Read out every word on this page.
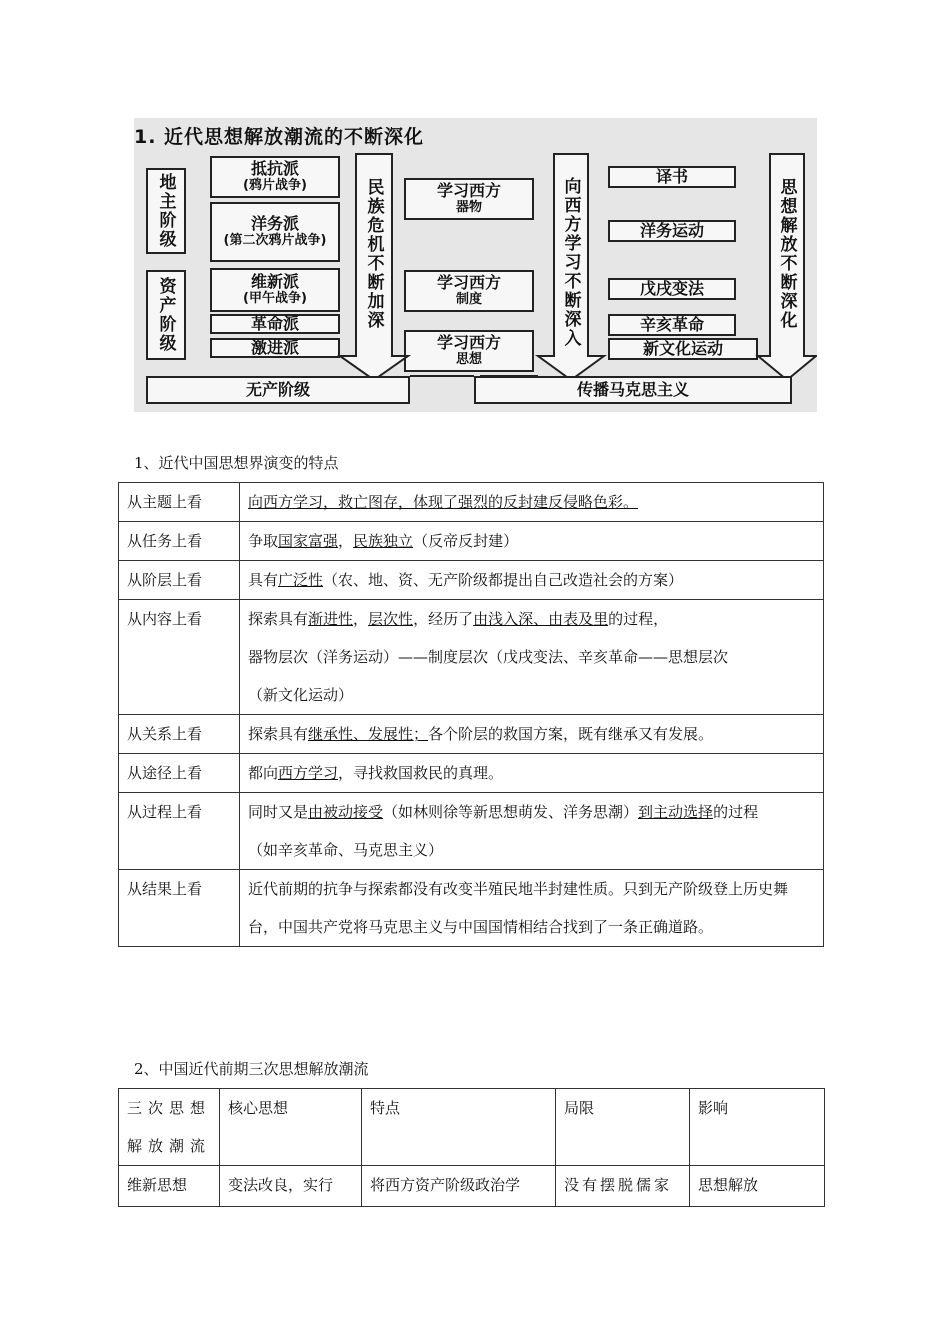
1. 近代思想解放潮流的不断深化
地主阶级
资产阶级
抵抗派
(鸦片战争)
洋务派
(第二次鸦片战争)
维新派
(甲午战争)
革命派
激进派
学习西方
器物
学习西方
制度
学习西方
思想
译书
洋务运动
戊戌变法
辛亥革命
新文化运动
民族危机不断加深	向西方学习不断深入	思想解放不断深化
无产阶级	传播马克思主义
1、近代中国思想界演变的特点
从主题上看	向西方学习，救亡图存，体现了强烈的反封建反侵略色彩。
从任务上看	争取国家富强，民族独立（反帝反封建）
从阶层上看	具有广泛性（农、地、资、无产阶级都提出自己改造社会的方案）
从内容上看	探索具有渐进性，层次性，经历了由浅入深、由表及里的过程，
器物层次（洋务运动）——制度层次（戊戌变法、辛亥革命——思想层次
（新文化运动）
从关系上看	探索具有继承性、发展性；各个阶层的救国方案，既有继承又有发展。
从途径上看	都向西方学习，寻找救国救民的真理。
从过程上看	同时又是由被动接受（如林则徐等新思想萌发、洋务思潮）到主动选择的过程
（如辛亥革命、马克思主义）
从结果上看	近代前期的抗争与探索都没有改变半殖民地半封建性质。只到无产阶级登上历史舞台，中国共产党将马克思主义与中国国情相结合找到了一条正确道路。
2、中国近代前期三次思想解放潮流
三次思想解放潮流	核心思想	特点	局限	影响
维新思想	变法改良，实行	将西方资产阶级政治学	没有摆脱儒家	思想解放
